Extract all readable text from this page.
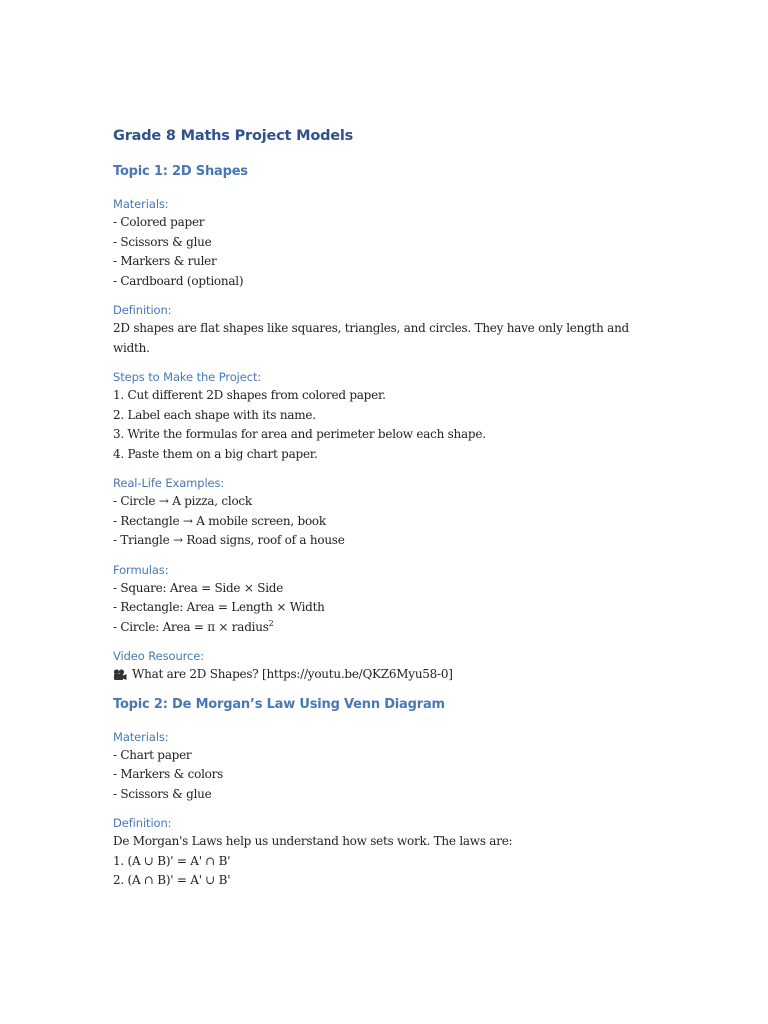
Grade 8 Maths Project Models
Topic 1: 2D Shapes
Materials:
- Colored paper
- Scissors & glue
- Markers & ruler
- Cardboard (optional)
Definition:
2D shapes are flat shapes like squares, triangles, and circles. They have only length and width.
Steps to Make the Project:
1. Cut different 2D shapes from colored paper.
2. Label each shape with its name.
3. Write the formulas for area and perimeter below each shape.
4. Paste them on a big chart paper.
Real-Life Examples:
- Circle → A pizza, clock
- Rectangle → A mobile screen, book
- Triangle → Road signs, roof of a house
Formulas:
- Square: Area = Side × Side
- Rectangle: Area = Length × Width
- Circle: Area = π × radius$^2$
Video Resource:
What are 2D Shapes? [https://youtu.be/QKZ6Myu58-0]
Topic 2: De Morgan’s Law Using Venn Diagram
Materials:
- Chart paper
- Markers & colors
- Scissors & glue
Definition:
De Morgan's Laws help us understand how sets work. The laws are:
1. (A ∪ B)' = A' ∩ B'
2. (A ∩ B)' = A' ∪ B'
